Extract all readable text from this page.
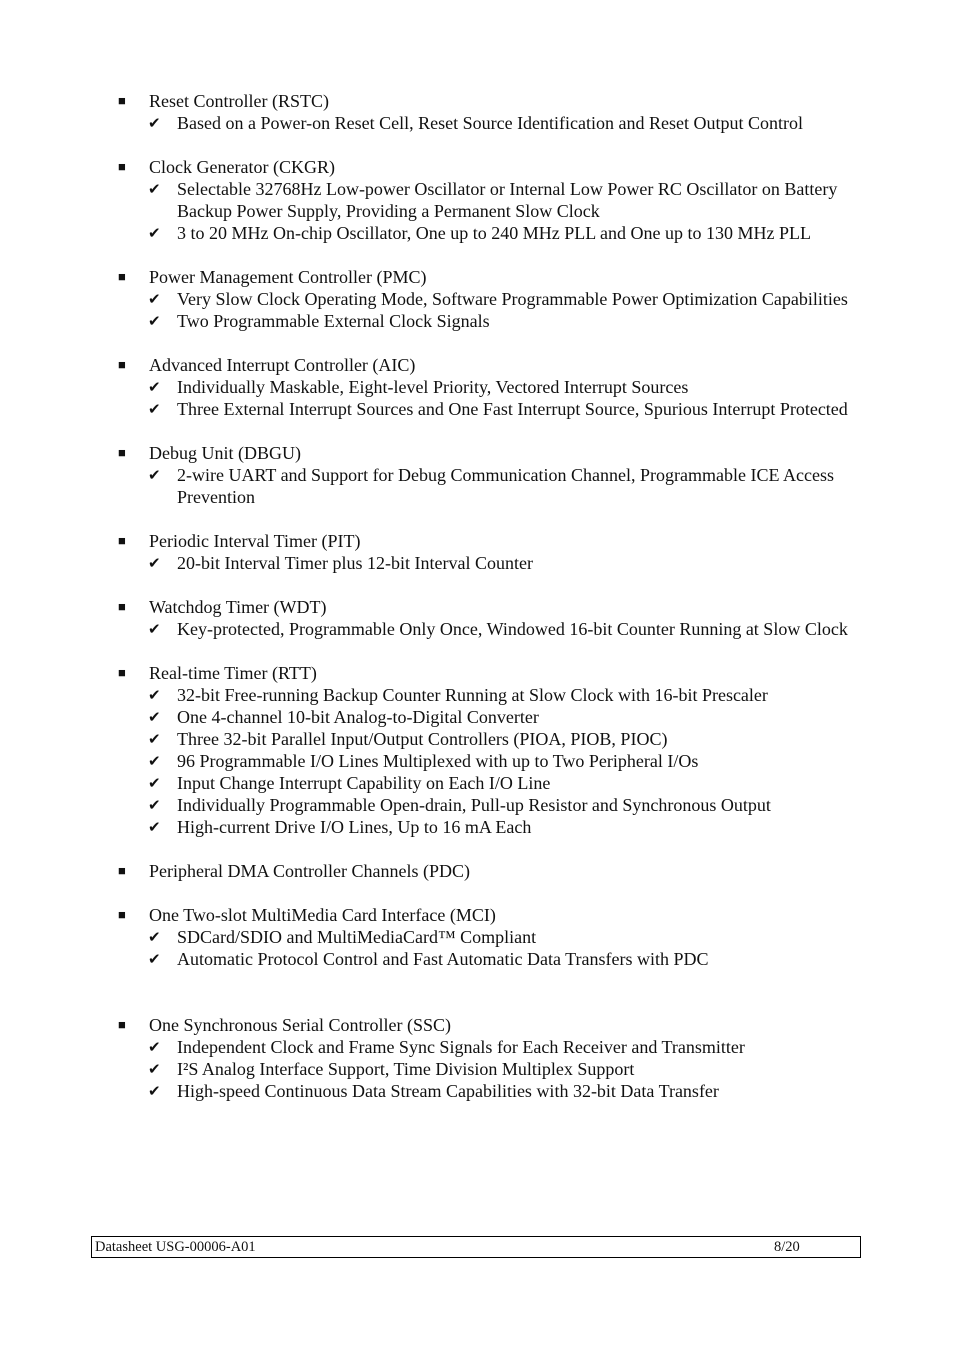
■	Reset Controller (RSTC)
✔ Based on a Power-on Reset Cell, Reset Source Identification and Reset Output Control
■	Clock Generator (CKGR)
✔ Selectable 32768Hz Low-power Oscillator or Internal Low Power RC Oscillator on Battery Backup Power Supply, Providing a Permanent Slow Clock
✔ 3 to 20 MHz On-chip Oscillator, One up to 240 MHz PLL and One up to 130 MHz PLL
■	Power Management Controller (PMC)
✔ Very Slow Clock Operating Mode, Software Programmable Power Optimization Capabilities
✔ Two Programmable External Clock Signals
■	Advanced Interrupt Controller (AIC)
✔ Individually Maskable, Eight-level Priority, Vectored Interrupt Sources
✔ Three External Interrupt Sources and One Fast Interrupt Source, Spurious Interrupt Protected
■	Debug Unit (DBGU)
✔ 2-wire UART and Support for Debug Communication Channel, Programmable ICE Access Prevention
■	Periodic Interval Timer (PIT)
✔ 20-bit Interval Timer plus 12-bit Interval Counter
■	Watchdog Timer (WDT)
✔ Key-protected, Programmable Only Once, Windowed 16-bit Counter Running at Slow Clock
■	Real-time Timer (RTT)
✔ 32-bit Free-running Backup Counter Running at Slow Clock with 16-bit Prescaler
✔ One 4-channel 10-bit Analog-to-Digital Converter
✔ Three 32-bit Parallel Input/Output Controllers (PIOA, PIOB, PIOC)
✔ 96 Programmable I/O Lines Multiplexed with up to Two Peripheral I/Os
✔ Input Change Interrupt Capability on Each I/O Line
✔ Individually Programmable Open-drain, Pull-up Resistor and Synchronous Output
✔ High-current Drive I/O Lines, Up to 16 mA Each
■	Peripheral DMA Controller Channels (PDC)
■	One Two-slot MultiMedia Card Interface (MCI)
✔ SDCard/SDIO and MultiMediaCard™ Compliant
✔ Automatic Protocol Control and Fast Automatic Data Transfers with PDC
■	One Synchronous Serial Controller (SSC)
✔ Independent Clock and Frame Sync Signals for Each Receiver and Transmitter
✔ I²S Analog Interface Support, Time Division Multiplex Support
✔ High-speed Continuous Data Stream Capabilities with 32-bit Data Transfer
Datasheet USG-00006-A01	8/20
